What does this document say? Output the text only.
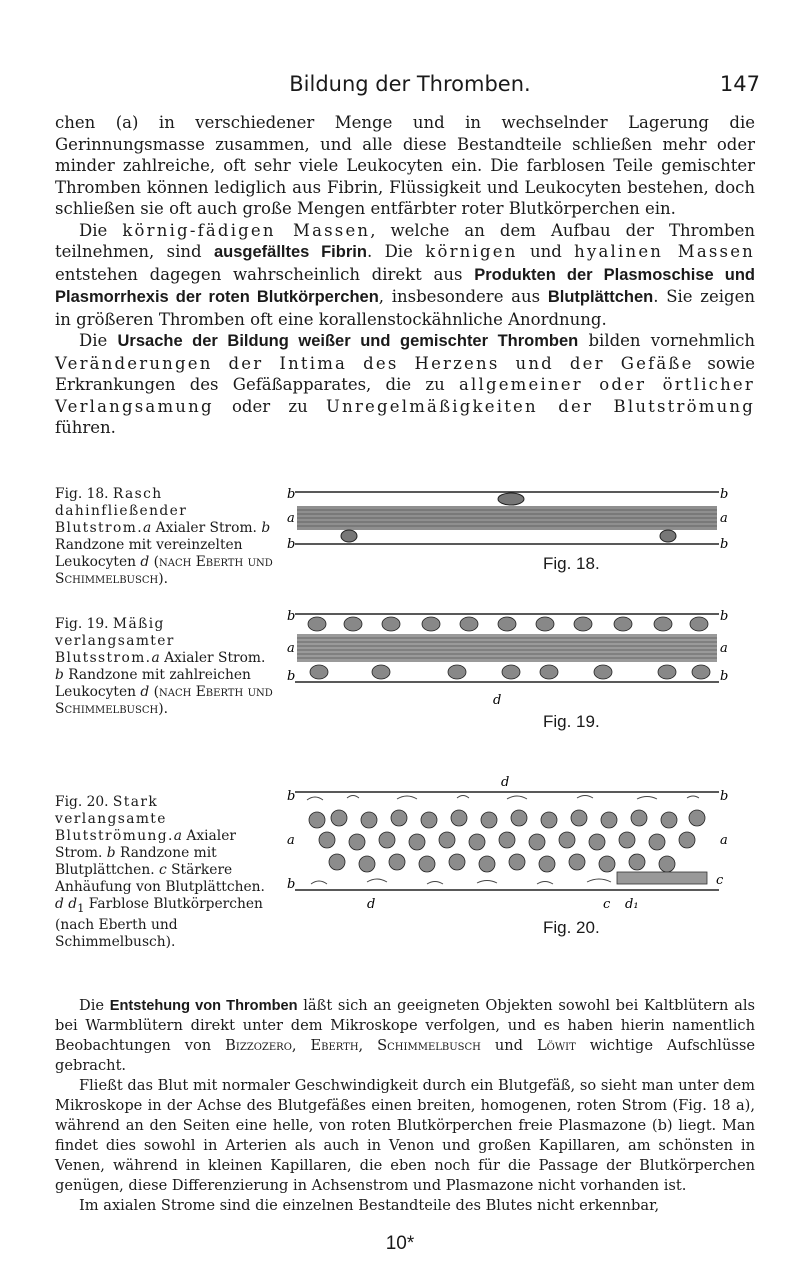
Bildung der Thromben.	147

chen (a) in verschiedener Menge und in wechselnder Lagerung die Gerinnungsmasse zusammen, und alle diese Bestandteile schließen mehr oder minder zahlreiche, oft sehr viele Leukocyten ein. Die farblosen Teile gemischter Thromben können lediglich aus Fibrin, Flüssigkeit und Leukocyten bestehen, doch schließen sie oft auch große Mengen entfärbter roter Blutkörperchen ein.

Die körnig-fädigen Massen, welche an dem Aufbau der Thromben teilnehmen, sind ausgefälltes Fibrin. Die körnigen und hyalinen Massen entstehen dagegen wahrscheinlich direkt aus Produkten der Plasmoschise und Plasmorrhexis der roten Blutkörperchen, insbesondere aus Blutplättchen. Sie zeigen in größeren Thromben oft eine korallenstockähnliche Anordnung.

Die Ursache der Bildung weißer und gemischter Thromben bilden vornehmlich Veränderungen der Intima des Herzens und der Gefäße sowie Erkrankungen des Gefäßapparates, die zu allgemeiner oder örtlicher Verlangsamung oder zu Unregelmäßigkeiten der Blutströmung führen.

Fig. 18. Rasch dahinfließender Blutstrom.a Axialer Strom. b Randzone mit vereinzelten Leukocyten d (nach Eberth und Schimmelbusch).
b
a
b
b
a
b
Fig. 18.
Fig. 19. Mäßig verlangsamter Blutsstrom.a Axialer Strom. b Randzone mit zahlreichen Leukocyten d (nach Eberth und Schimmelbusch).
b
a
b
b
a
b
d
Fig. 19.
Fig. 20. Stark verlangsamte Blutströmung.a Axialer Strom. b Randzone mit Blutplättchen. c Stärkere Anhäufung von Blutplättchen. d $d_1$ Farblose Blutkörperchen (nach Eberth und Schimmelbusch).
d
b
a
b
b
a
c
d	c d₁
Fig. 20.

Die Entstehung von Thromben läßt sich an geeigneten Objekten sowohl bei Kaltblütern als bei Warmblütern direkt unter dem Mikroskope verfolgen, und es haben hierin namentlich Beobachtungen von Bizzozero, Eberth, Schimmelbusch und Löwit wichtige Aufschlüsse gebracht.

Fließt das Blut mit normaler Geschwindigkeit durch ein Blutgefäß, so sieht man unter dem Mikroskope in der Achse des Blutgefäßes einen breiten, homogenen, roten Strom (Fig. 18 a), während an den Seiten eine helle, von roten Blutkörperchen freie Plasmazone (b) liegt. Man findet dies sowohl in Arterien als auch in Venon und großen Kapillaren, am schönsten in Venen, während in kleinen Kapillaren, die eben noch für die Passage der Blutkörperchen genügen, diese Differenzierung in Achsenstrom und Plasmazone nicht vorhanden ist.

Im axialen Strome sind die einzelnen Bestandteile des Blutes nicht erkennbar,

10*
